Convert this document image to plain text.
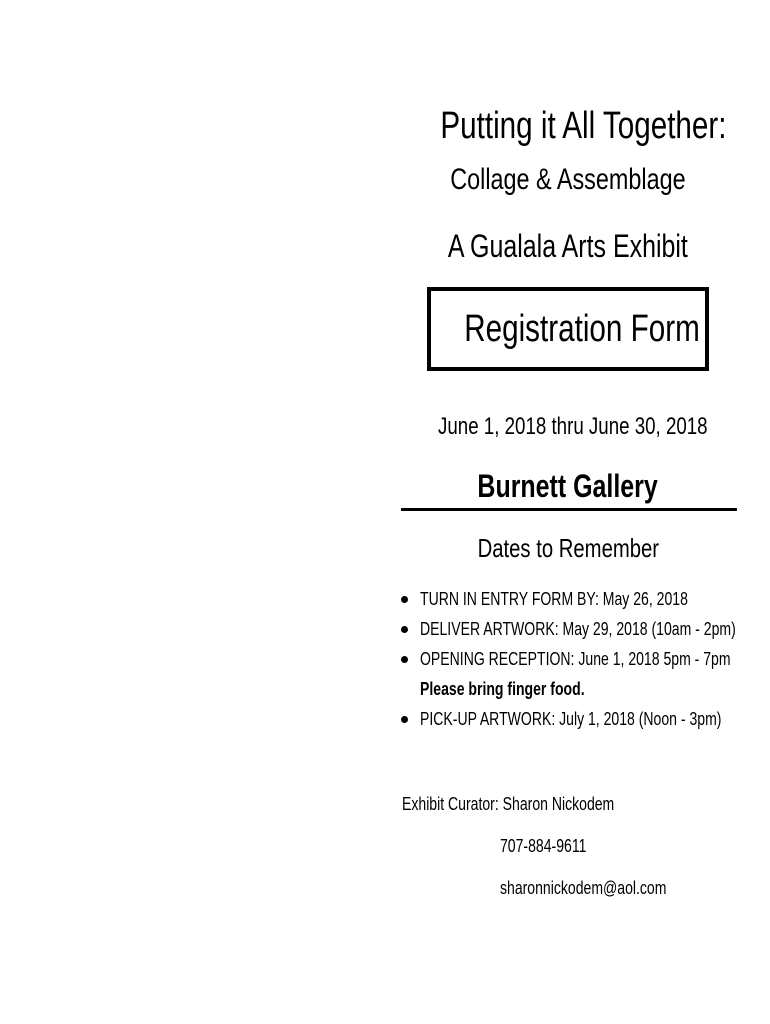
Putting it All Together:
Collage & Assemblage
A Gualala Arts Exhibit
Registration Form
June 1, 2018 thru June 30, 2018
Burnett Gallery
Dates to Remember
TURN IN ENTRY FORM BY: May 26, 2018
DELIVER ARTWORK: May 29, 2018 (10am - 2pm)
OPENING RECEPTION: June 1, 2018 5pm - 7pm
PICK-UP ARTWORK: July 1, 2018 (Noon - 3pm)
Please bring finger food.
Exhibit Curator: Sharon Nickodem
707-884-9611
sharonnickodem@aol.com
